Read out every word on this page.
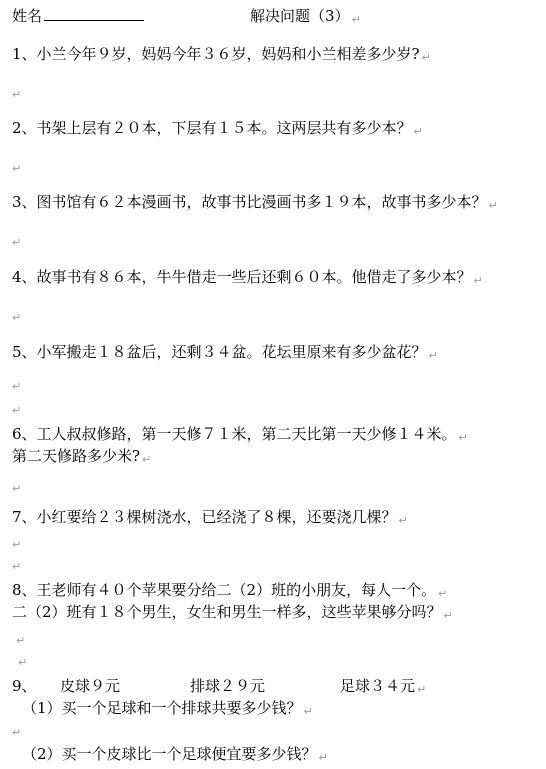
姓名	解决问题（3） ↵
1、小兰今年９岁，妈妈今年３６岁，妈妈和小兰相差多少岁? ↵
↵
2、书架上层有２０本，下层有１５本。这两层共有多少本？ ↵
↵
3、图书馆有６２本漫画书，故事书比漫画书多１９本，故事书多少本？ ↵
↵
4、故事书有８６本，牛牛借走一些后还剩６０本。他借走了多少本？ ↵
↵
5、小军搬走１８盆后，还剩３４盆。花坛里原来有多少盆花？ ↵
↵
↵
6、工人叔叔修路，第一天修７１米，第二天比第一天少修１４米。 ↵
第二天修路多少米? ↵
↵
7、小红要给２３棵树浇水，已经浇了８棵，还要浇几棵？ ↵
↵
↵
8、王老师有４０个苹果要分给二（2）班的小朋友，每人一个。 ↵
二（2）班有１８个男生，女生和男生一样多，这些苹果够分吗？ ↵
↵
↵
9、 皮球９元	排球２９元	足球３４元 ↵
（1）买一个足球和一个排球共要多少钱？ ↵
↵
（2）买一个皮球比一个足球便宜要多少钱？ ↵
